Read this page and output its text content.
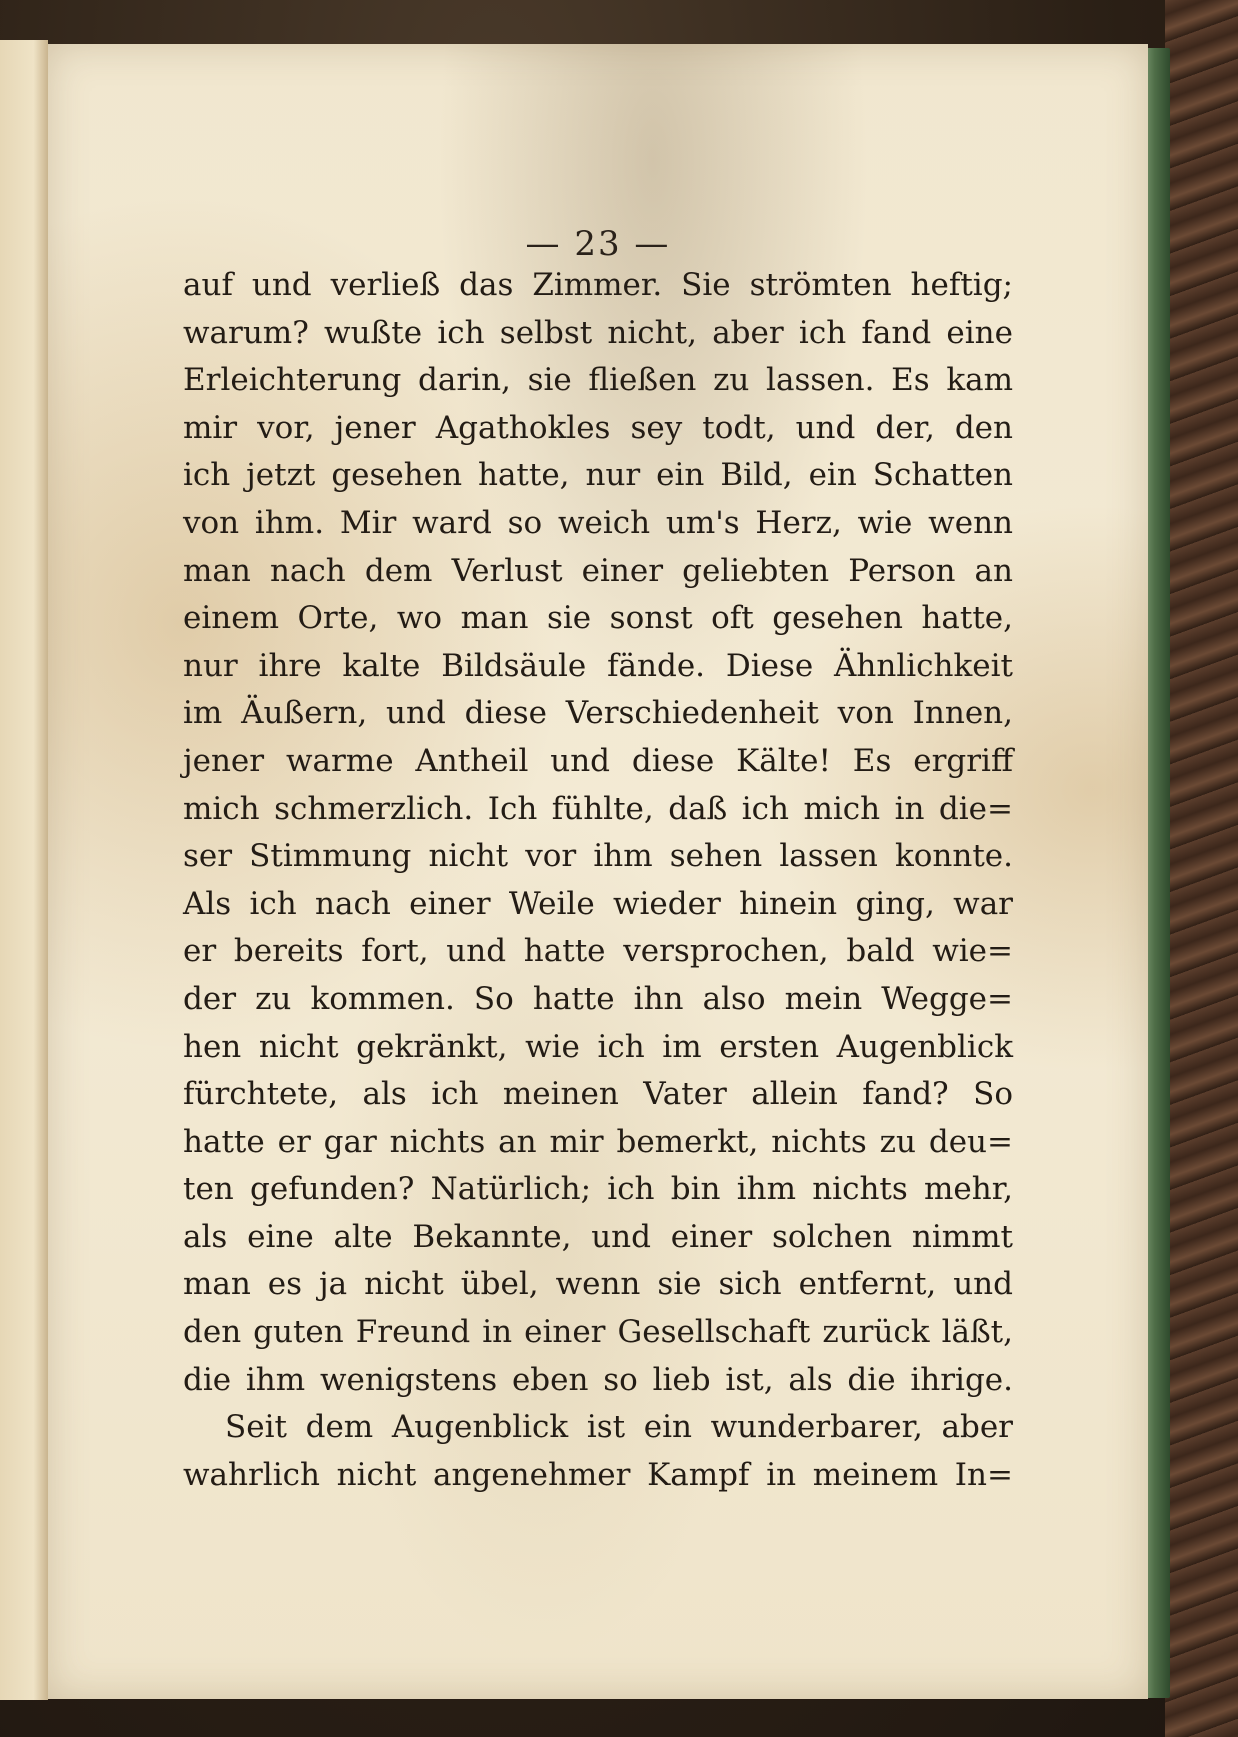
— 23 —
auf und verließ das Zimmer. Sie strömten heftig;
warum? wußte ich selbst nicht, aber ich fand eine
Erleichterung darin, sie fließen zu lassen. Es kam
mir vor, jener Agathokles sey todt, und der, den
ich jetzt gesehen hatte, nur ein Bild, ein Schatten
von ihm. Mir ward so weich um's Herz, wie wenn
man nach dem Verlust einer geliebten Person an
einem Orte, wo man sie sonst oft gesehen hatte,
nur ihre kalte Bildsäule fände. Diese Ähnlichkeit
im Äußern, und diese Verschiedenheit von Innen,
jener warme Antheil und diese Kälte! Es ergriff
mich schmerzlich. Ich fühlte, daß ich mich in die=
ser Stimmung nicht vor ihm sehen lassen konnte.
Als ich nach einer Weile wieder hinein ging, war
er bereits fort, und hatte versprochen, bald wie=
der zu kommen. So hatte ihn also mein Wegge=
hen nicht gekränkt, wie ich im ersten Augenblick
fürchtete, als ich meinen Vater allein fand? So
hatte er gar nichts an mir bemerkt, nichts zu deu=
ten gefunden? Natürlich; ich bin ihm nichts mehr,
als eine alte Bekannte, und einer solchen nimmt
man es ja nicht übel, wenn sie sich entfernt, und
den guten Freund in einer Gesellschaft zurück läßt,
die ihm wenigstens eben so lieb ist, als die ihrige.
Seit dem Augenblick ist ein wunderbarer, aber
wahrlich nicht angenehmer Kampf in meinem In=
